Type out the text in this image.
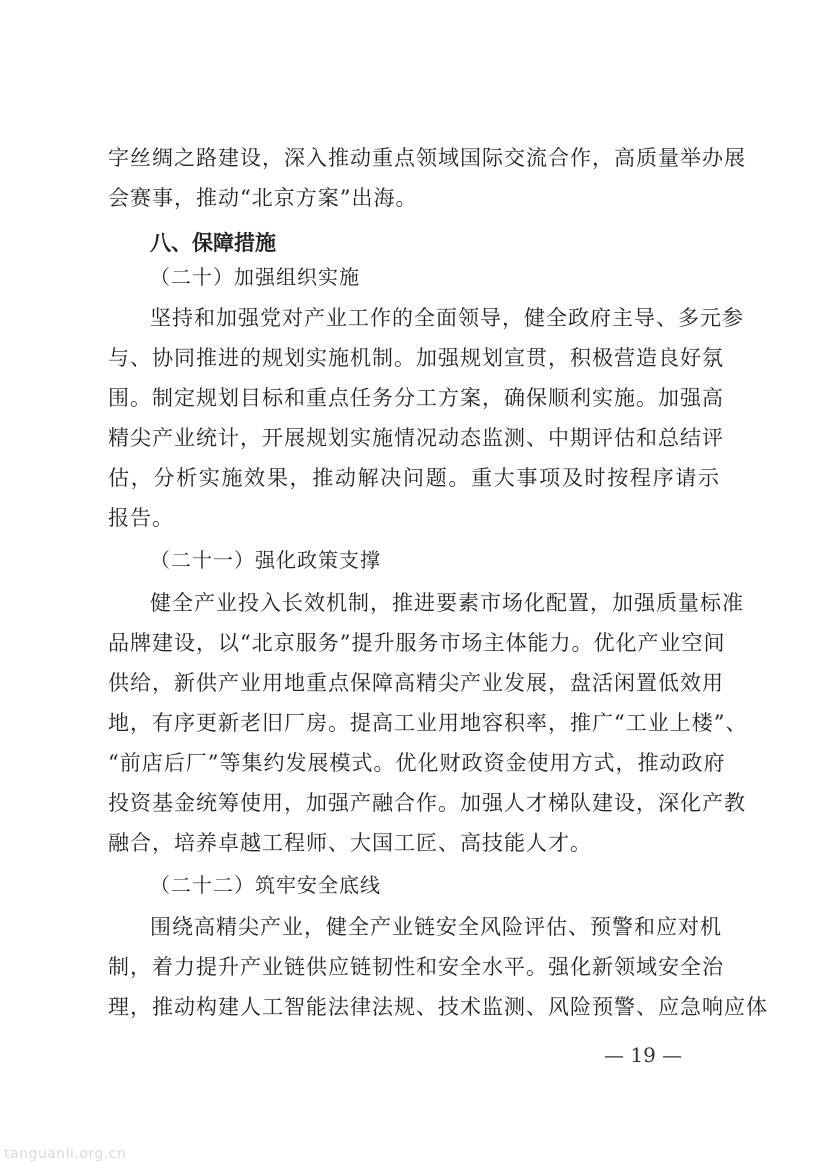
字丝绸之路建设，深入推动重点领域国际交流合作，高质量举办展
会赛事，推动“北京方案”出海。
八、保障措施
（二十）加强组织实施
坚持和加强党对产业工作的全面领导，健全政府主导、多元参
与、协同推进的规划实施机制。加强规划宣贯，积极营造良好氛
围。制定规划目标和重点任务分工方案，确保顺利实施。加强高
精尖产业统计，开展规划实施情况动态监测、中期评估和总结评
估，分析实施效果，推动解决问题。重大事项及时按程序请示
报告。
（二十一）强化政策支撑
健全产业投入长效机制，推进要素市场化配置，加强质量标准
品牌建设，以“北京服务”提升服务市场主体能力。优化产业空间
供给，新供产业用地重点保障高精尖产业发展，盘活闲置低效用
地，有序更新老旧厂房。提高工业用地容积率，推广“工业上楼”、
“前店后厂”等集约发展模式。优化财政资金使用方式，推动政府
投资基金统筹使用，加强产融合作。加强人才梯队建设，深化产教
融合，培养卓越工程师、大国工匠、高技能人才。
（二十二）筑牢安全底线
围绕高精尖产业，健全产业链安全风险评估、预警和应对机
制，着力提升产业链供应链韧性和安全水平。强化新领域安全治
理，推动构建人工智能法律法规、技术监测、风险预警、应急响应体
— 19 —
tanguanli.org.cn
